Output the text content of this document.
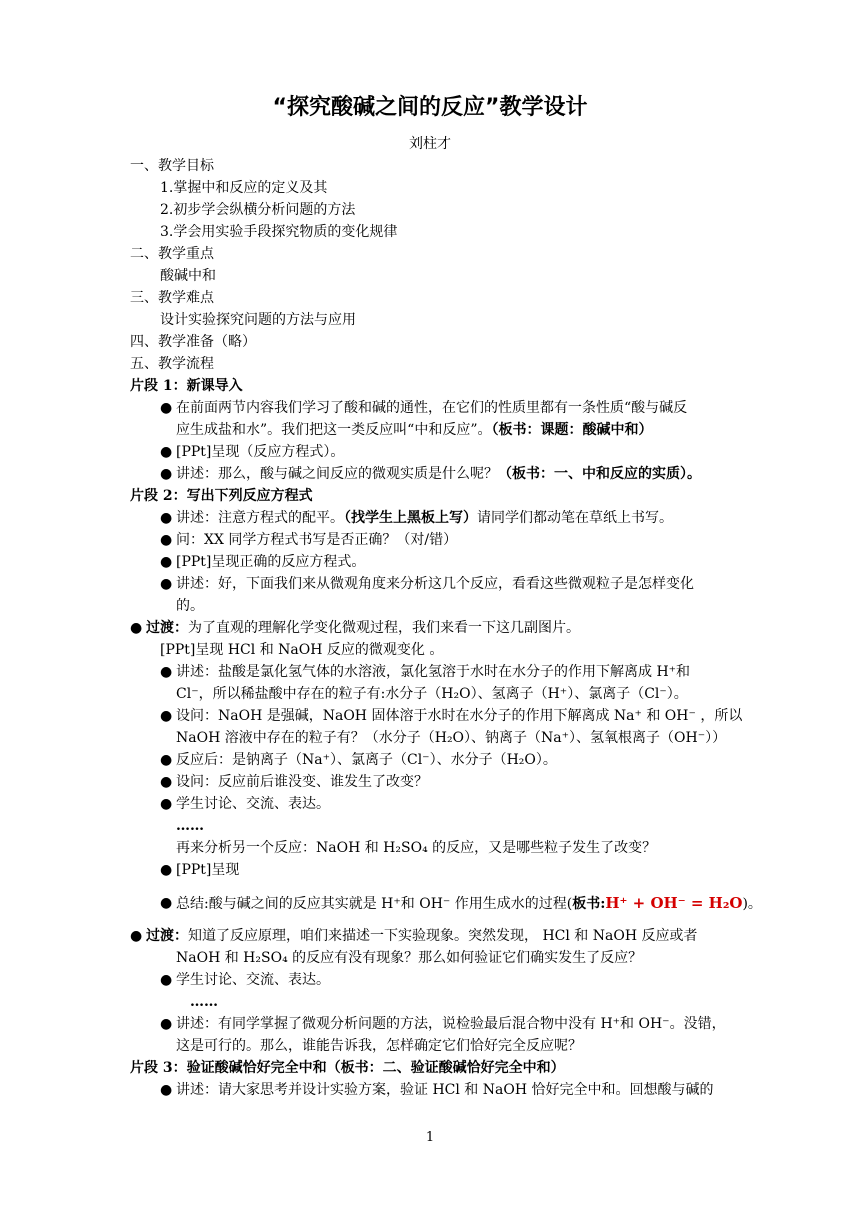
“探究酸碱之间的反应”教学设计
刘柱才
一、教学目标
1.掌握中和反应的定义及其
2.初步学会纵横分析问题的方法
3.学会用实验手段探究物质的变化规律
二、教学重点
酸碱中和
三、教学难点
设计实验探究问题的方法与应用
四、教学准备（略）
五、教学流程
片段 1：新课导入
● 在前面两节内容我们学习了酸和碱的通性，在它们的性质里都有一条性质“酸与碱反
应生成盐和水”。我们把这一类反应叫“中和反应”。（板书：课题：酸碱中和）
● [PPt]呈现（反应方程式）。
● 讲述：那么，酸与碱之间反应的微观实质是什么呢？（板书：一、中和反应的实质）。
片段 2：写出下列反应方程式
● 讲述：注意方程式的配平。（找学生上黑板上写）请同学们都动笔在草纸上书写。
● 问：XX 同学方程式书写是否正确？（对/错）
● [PPt]呈现正确的反应方程式。
● 讲述：好，下面我们来从微观角度来分析这几个反应，看看这些微观粒子是怎样变化
的。
● 过渡：为了直观的理解化学变化微观过程，我们来看一下这几副图片。
[PPt]呈现 HCl 和 NaOH 反应的微观变化 。
● 讲述：盐酸是氯化氢气体的水溶液，氯化氢溶于水时在水分子的作用下解离成 H⁺和
Cl⁻，所以稀盐酸中存在的粒子有:水分子（H₂O）、氢离子（H⁺）、氯离子（Cl⁻）。
● 设问：NaOH 是强碱，NaOH 固体溶于水时在水分子的作用下解离成 Na⁺ 和 OH⁻ ，所以
NaOH 溶液中存在的粒子有？（水分子（H₂O）、钠离子（Na⁺）、氢氧根离子（OH⁻））
● 反应后：是钠离子（Na⁺）、氯离子（Cl⁻）、水分子（H₂O）。
● 设问：反应前后谁没变、谁发生了改变？
● 学生讨论、交流、表达。
……
再来分析另一个反应：NaOH 和 H₂SO₄ 的反应，又是哪些粒子发生了改变？
● [PPt]呈现
● 总结:酸与碱之间的反应其实就是 H⁺和 OH⁻ 作用生成水的过程(板书:H⁺ + OH⁻ = H₂O)。
● 过渡：知道了反应原理，咱们来描述一下实验现象。突然发现， HCl 和 NaOH 反应或者
NaOH 和 H₂SO₄ 的反应有没有现象？那么如何验证它们确实发生了反应？
● 学生讨论、交流、表达。
……
● 讲述：有同学掌握了微观分析问题的方法，说检验最后混合物中没有 H⁺和 OH⁻。没错，
这是可行的。那么，谁能告诉我，怎样确定它们恰好完全反应呢？
片段 3：验证酸碱恰好完全中和（板书：二、验证酸碱恰好完全中和）
● 讲述：请大家思考并设计实验方案，验证 HCl 和 NaOH 恰好完全中和。回想酸与碱的
1
